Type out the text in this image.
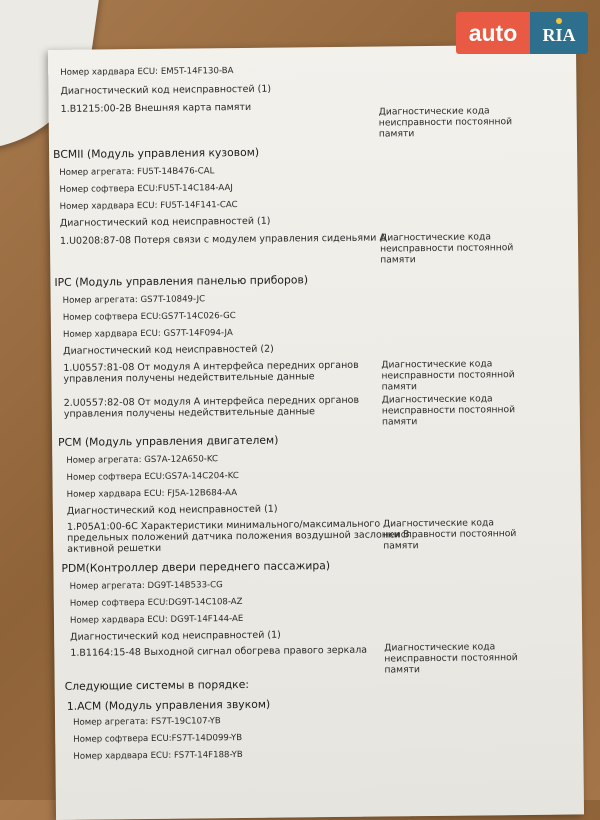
Номер хардвара ECU: EM5T-14F130-BA
Диагностический код неисправностей (1)
1.B1215:00-2B Внешняя карта памяти
BCMII (Модуль управления кузовом)
Номер агрегата: FU5T-14B476-CAL
Номер софтвера ECU:FU5T-14C184-AAJ
Номер хардвара ECU: FU5T-14F141-CAC
Диагностический код неисправностей (1)
1.U0208:87-08 Потеря связи с модулем управления сиденьями A
IPC (Модуль управления панелью приборов)
Номер агрегата: GS7T-10849-JC
Номер софтвера ECU:GS7T-14C026-GC
Номер хардвара ECU: GS7T-14F094-JA
Диагностический код неисправностей (2)
1.U0557:81-08 От модуля A интерфейса передних органов
управления получены недействительные данные
2.U0557:82-08 От модуля A интерфейса передних органов
управления получены недействительные данные
PCM (Модуль управления двигателем)
Номер агрегата: GS7A-12A650-KC
Номер софтвера ECU:GS7A-14C204-KC
Номер хардвара ECU: FJ5A-12B684-AA
Диагностический код неисправностей (1)
1.P05A1:00-6C Характеристики минимального/максимального
предельных положений датчика положения воздушной заслонки B
активной решетки
PDM(Контроллер двери переднего пассажира)
Номер агрегата: DG9T-14B533-CG
Номер софтвера ECU:DG9T-14C108-AZ
Номер хардвара ECU: DG9T-14F144-AE
Диагностический код неисправностей (1)
1.B1164:15-48 Выходной сигнал обогрева правого зеркала
Следующие системы в порядке:
1.ACM (Модуль управления звуком)
Номер агрегата: FS7T-19C107-YB
Номер софтвера ECU:FS7T-14D099-YB
Номер хардвара ECU: FS7T-14F188-YB
Диагностические кода
неисправности постоянной
памяти
Диагностические кода
неисправности постоянной
памяти
Диагностические кода
неисправности постоянной
памяти
Диагностические кода
неисправности постоянной
памяти
Диагностические кода
неисправности постоянной
памяти
Диагностические кода
неисправности постоянной
памяти
auto	RIA
